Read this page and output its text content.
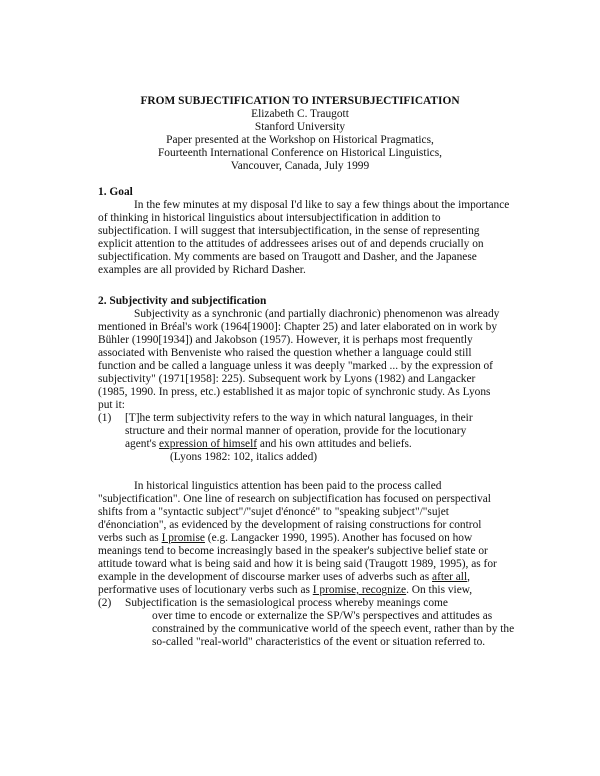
FROM SUBJECTIFICATION TO INTERSUBJECTIFICATION
Elizabeth C. Traugott
Stanford University
Paper presented at the Workshop on Historical Pragmatics,
Fourteenth International Conference on Historical Linguistics,
Vancouver, Canada, July 1999
1. Goal
In the few minutes at my disposal I'd like to say a few things about the importance
of thinking in historical linguistics about intersubjectification in addition to
subjectification. I will suggest that intersubjectification, in the sense of representing
explicit attention to the attitudes of addressees arises out of and depends crucially on
subjectification. My comments are based on Traugott and Dasher, and the Japanese
examples are all provided by Richard Dasher.
2. Subjectivity and subjectification
Subjectivity as a synchronic (and partially diachronic) phenomenon was already
mentioned in Bréal's work (1964[1900]: Chapter 25) and later elaborated on in work by
Bühler (1990[1934]) and Jakobson (1957). However, it is perhaps most frequently
associated with Benveniste who raised the question whether a language could still
function and be called a language unless it was deeply "marked ... by the expression of
subjectivity" (1971[1958]: 225). Subsequent work by Lyons (1982) and Langacker
(1985, 1990. In press, etc.) established it as major topic of synchronic study. As Lyons
put it:
(1) [T]he term subjectivity refers to the way in which natural languages, in their
structure and their normal manner of operation, provide for the locutionary
agent's expression of himself and his own attitudes and beliefs.
(Lyons 1982: 102, italics added)
In historical linguistics attention has been paid to the process called
"subjectification". One line of research on subjectification has focused on perspectival
shifts from a "syntactic subject"/"sujet d'énoncé" to "speaking subject"/"sujet
d'énonciation", as evidenced by the development of raising constructions for control
verbs such as I promise (e.g. Langacker 1990, 1995). Another has focused on how
meanings tend to become increasingly based in the speaker's subjective belief state or
attitude toward what is being said and how it is being said (Traugott 1989, 1995), as for
example in the development of discourse marker uses of adverbs such as after all,
performative uses of locutionary verbs such as I promise, recognize. On this view,
(2) Subjectification is the semasiological process whereby meanings come
over time to encode or externalize the SP/W's perspectives and attitudes as
constrained by the communicative world of the speech event, rather than by the
so-called "real-world" characteristics of the event or situation referred to.
